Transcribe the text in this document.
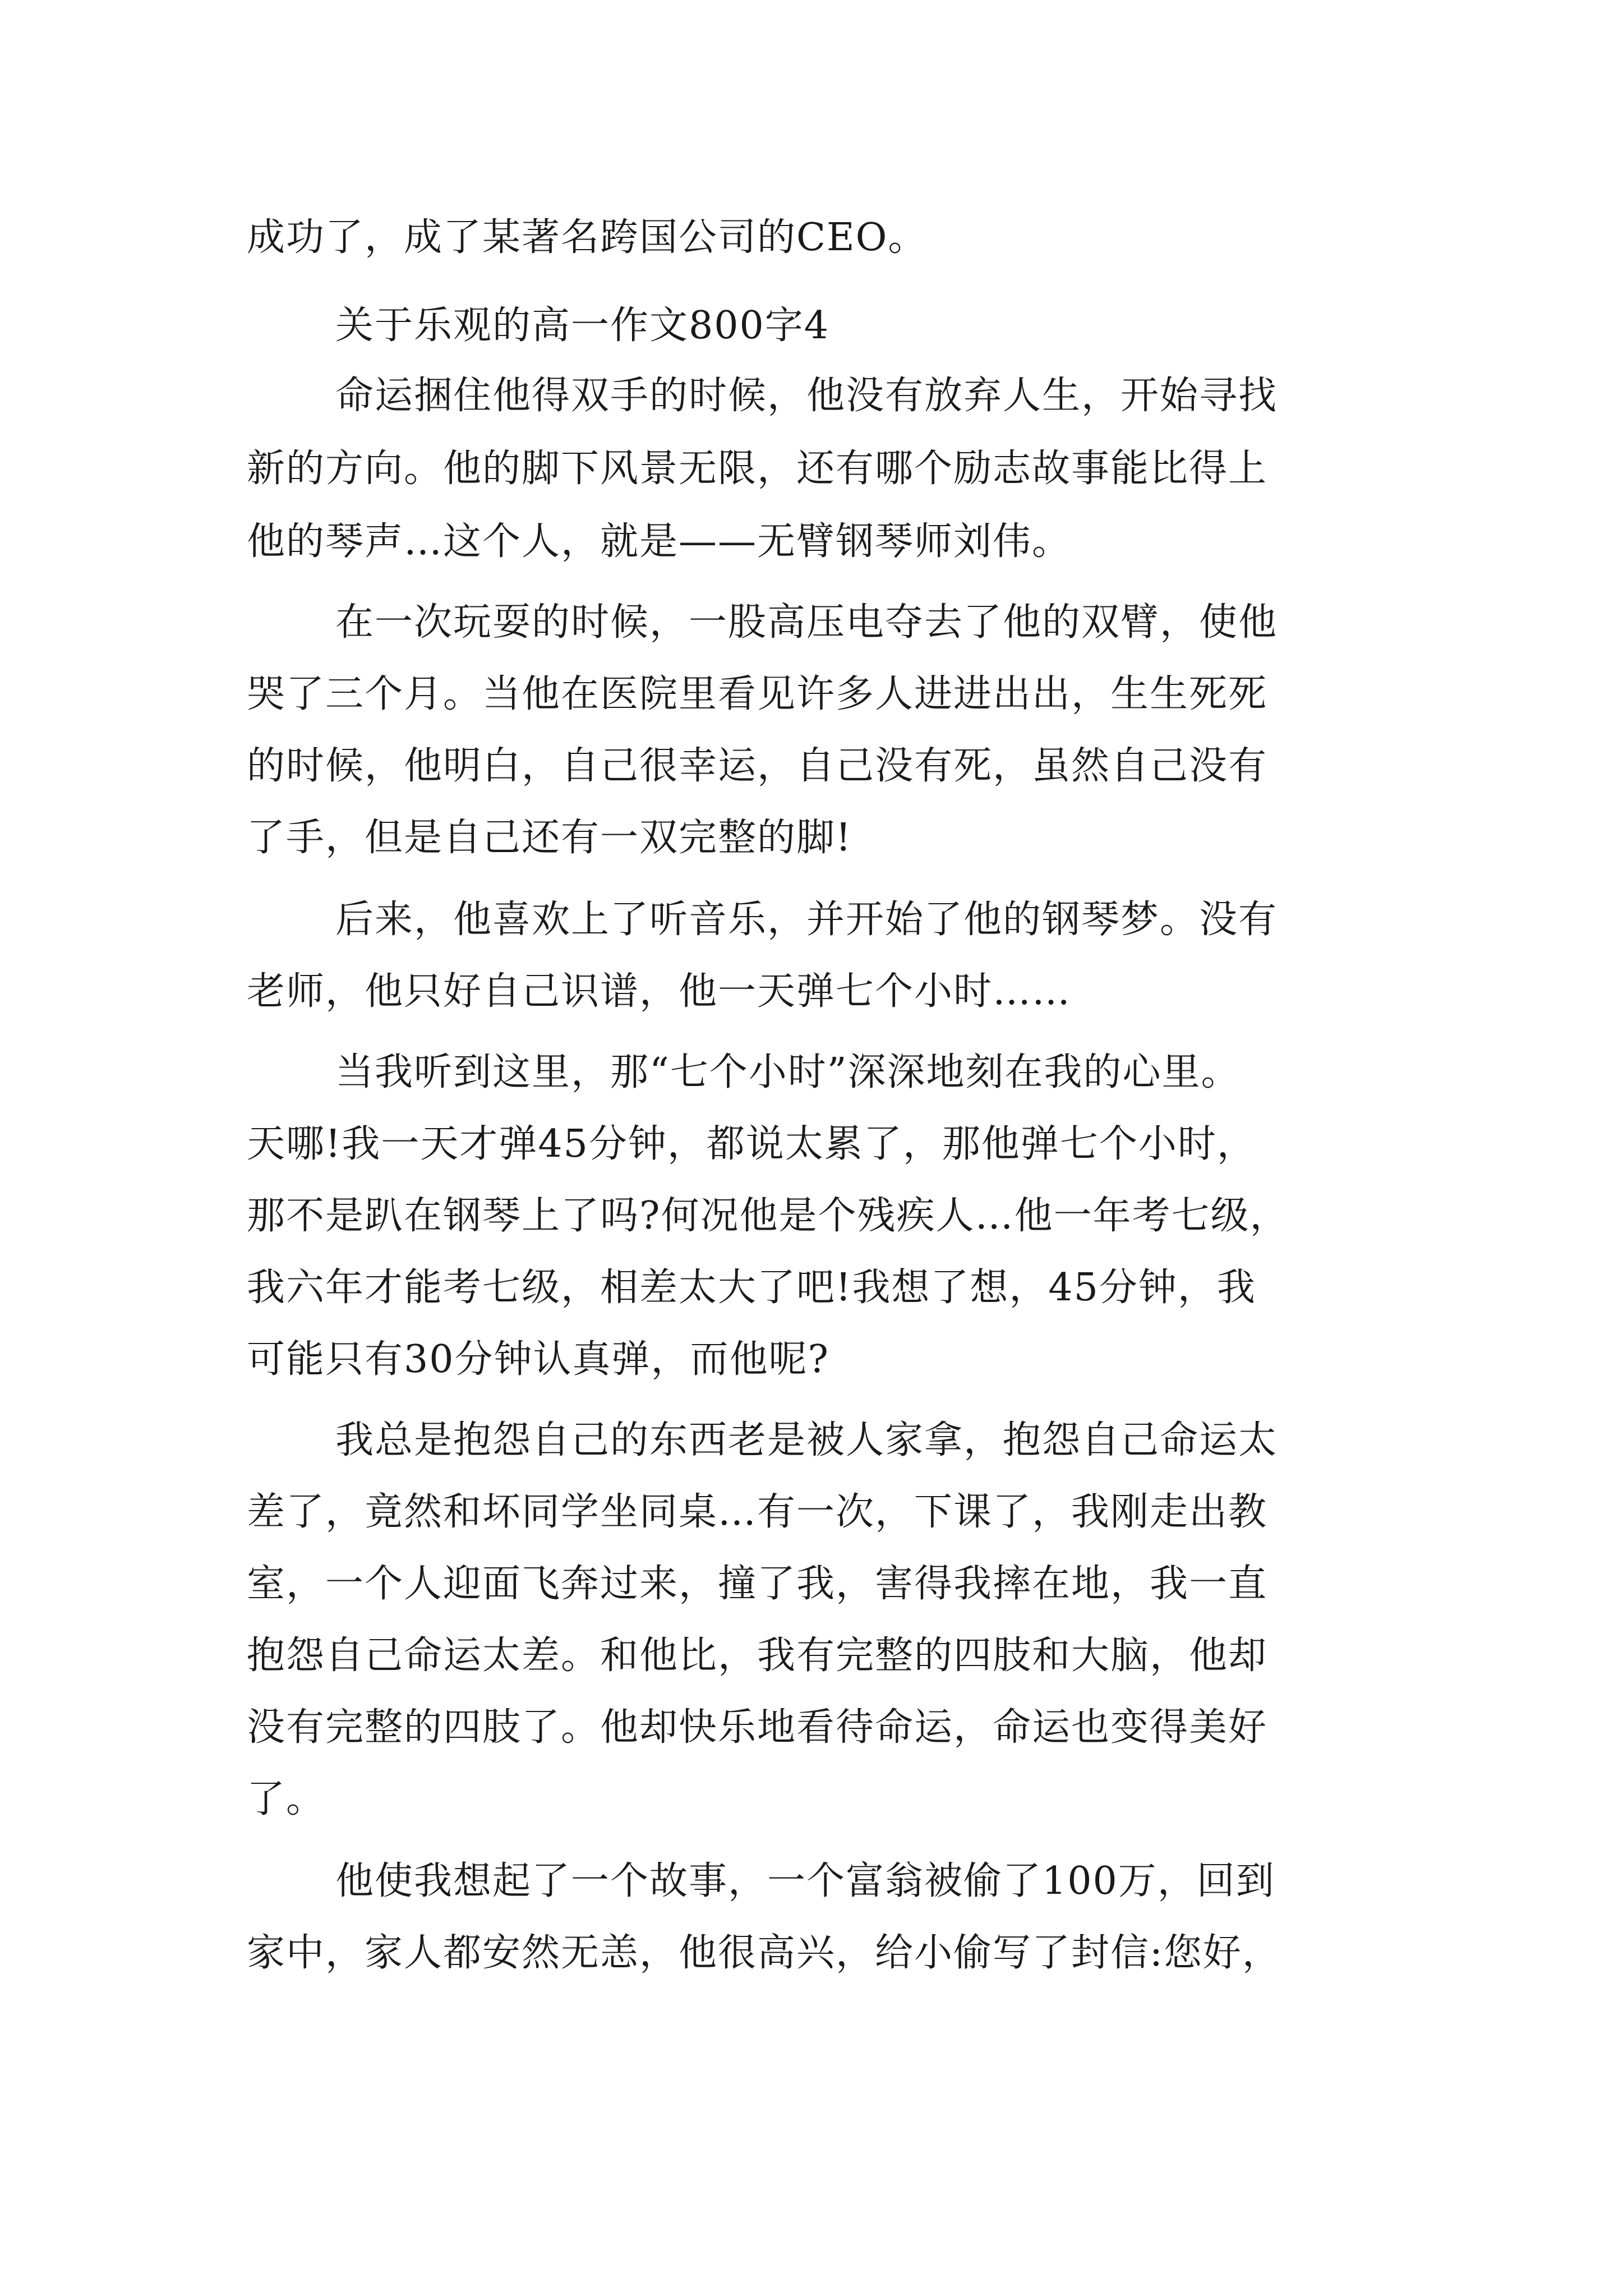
成功了，成了某著名跨国公司的CEO。
关于乐观的高一作文800字4
命运捆住他得双手的时候，他没有放弃人生，开始寻找
新的方向。他的脚下风景无限，还有哪个励志故事能比得上
他的琴声…这个人，就是——无臂钢琴师刘伟。
在一次玩耍的时候，一股高压电夺去了他的双臂，使他
哭了三个月。当他在医院里看见许多人进进出出，生生死死
的时候，他明白，自己很幸运，自己没有死，虽然自己没有
了手，但是自己还有一双完整的脚!
后来，他喜欢上了听音乐，并开始了他的钢琴梦。没有
老师，他只好自己识谱，他一天弹七个小时……
当我听到这里，那“七个小时”深深地刻在我的心里。
天哪!我一天才弹45分钟，都说太累了，那他弹七个小时，
那不是趴在钢琴上了吗?何况他是个残疾人…他一年考七级，
我六年才能考七级，相差太大了吧!我想了想，45分钟，我
可能只有30分钟认真弹，而他呢?
我总是抱怨自己的东西老是被人家拿，抱怨自己命运太
差了，竟然和坏同学坐同桌…有一次，下课了，我刚走出教
室，一个人迎面飞奔过来，撞了我，害得我摔在地，我一直
抱怨自己命运太差。和他比，我有完整的四肢和大脑，他却
没有完整的四肢了。他却快乐地看待命运，命运也变得美好
了。
他使我想起了一个故事，一个富翁被偷了100万，回到
家中，家人都安然无恙，他很高兴，给小偷写了封信:您好，
